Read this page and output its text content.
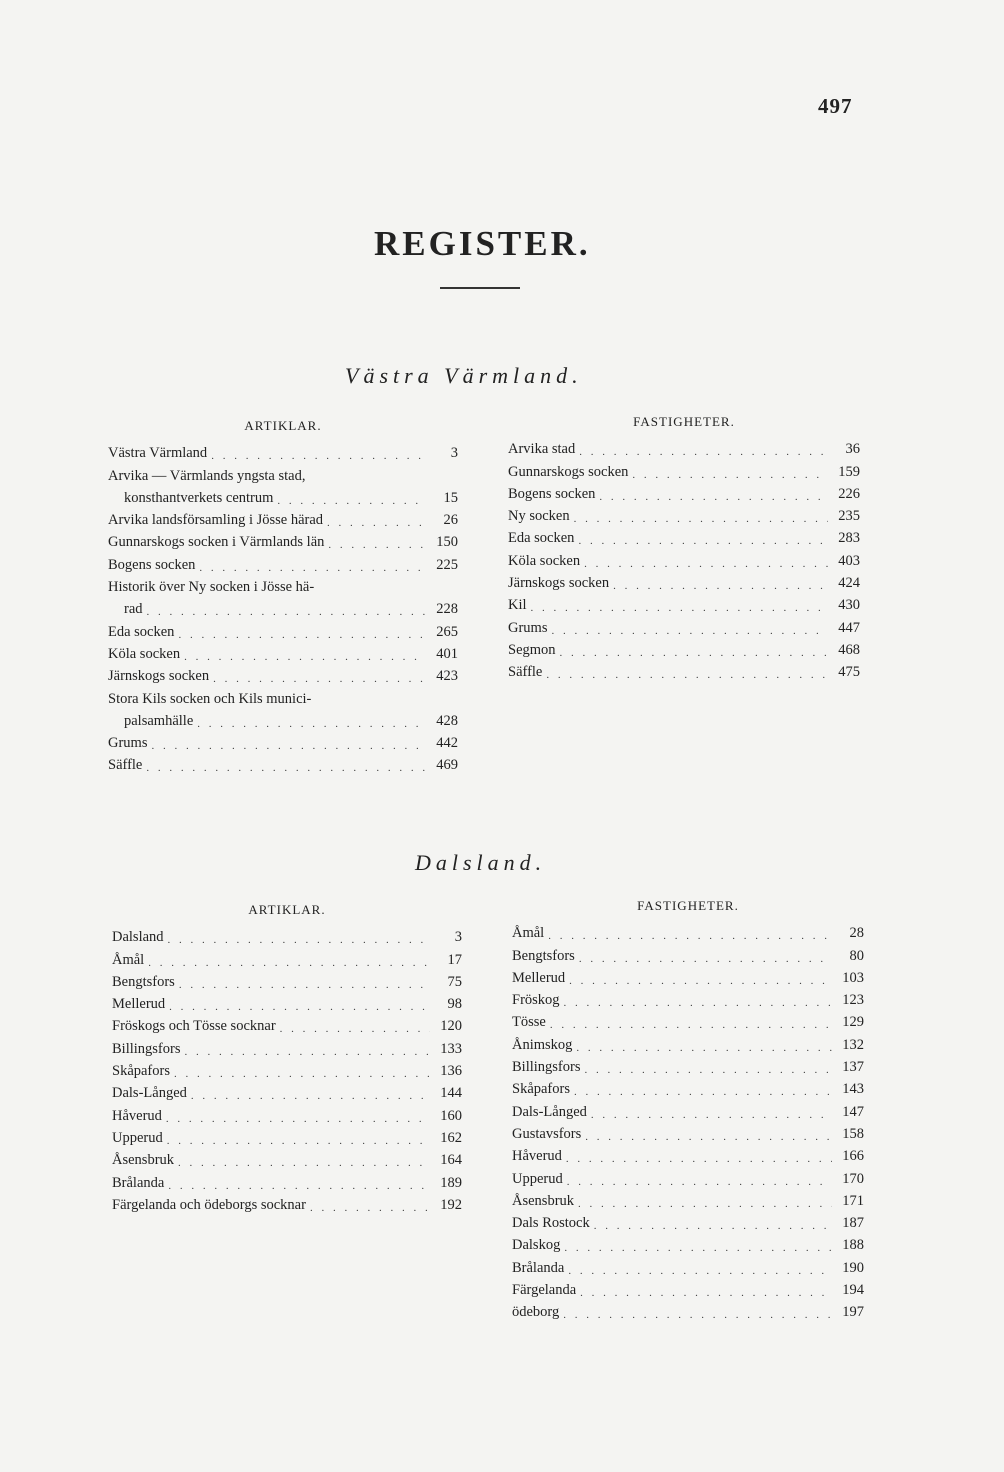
497
REGISTER.
Västra Värmland.
ARTIKLAR.
Västra Värmland . . .	3
Arvika — Värmlands yngsta stad,
konsthantverkets centrum . . .	15
Arvika landsförsamling i Jösse härad . . .	26
Gunnarskogs socken i Värmlands län . . .	150
Bogens socken . . .	225
Historik över Ny socken i Jösse hä-
rad . . .	228
Eda socken . . .	265
Köla socken . . .	401
Järnskogs socken . . .	423
Stora Kils socken och Kils munici-
palsamhälle . . .	428
Grums . . .	442
Säffle . . .	469
FASTIGHETER.
Arvika stad . . .	36
Gunnarskogs socken . . .	159
Bogens socken . . .	226
Ny socken . . .	235
Eda socken . . .	283
Köla socken . . .	403
Järnskogs socken . . .	424
Kil . . .	430
Grums . . .	447
Segmon . . .	468
Säffle . . .	475
Dalsland.
ARTIKLAR.
Dalsland . . .	3
Åmål . . .	17
Bengtsfors . . .	75
Mellerud . . .	98
Fröskogs och Tösse socknar . . .	120
Billingsfors . . .	133
Skåpafors . . .	136
Dals-Långed . . .	144
Håverud . . .	160
Upperud . . .	162
Åsensbruk . . .	164
Brålanda . . .	189
Färgelanda och ödeborgs socknar . . .	192
FASTIGHETER.
Åmål . . .	28
Bengtsfors . . .	80
Mellerud . . .	103
Fröskog . . .	123
Tösse . . .	129
Ånimskog . . .	132
Billingsfors . . .	137
Skåpafors . . .	143
Dals-Långed . . .	147
Gustavsfors . . .	158
Håverud . . .	166
Upperud . . .	170
Åsensbruk . . .	171
Dals Rostock . . .	187
Dalskog . . .	188
Brålanda . . .	190
Färgelanda . . .	194
ödeborg . . .	197
